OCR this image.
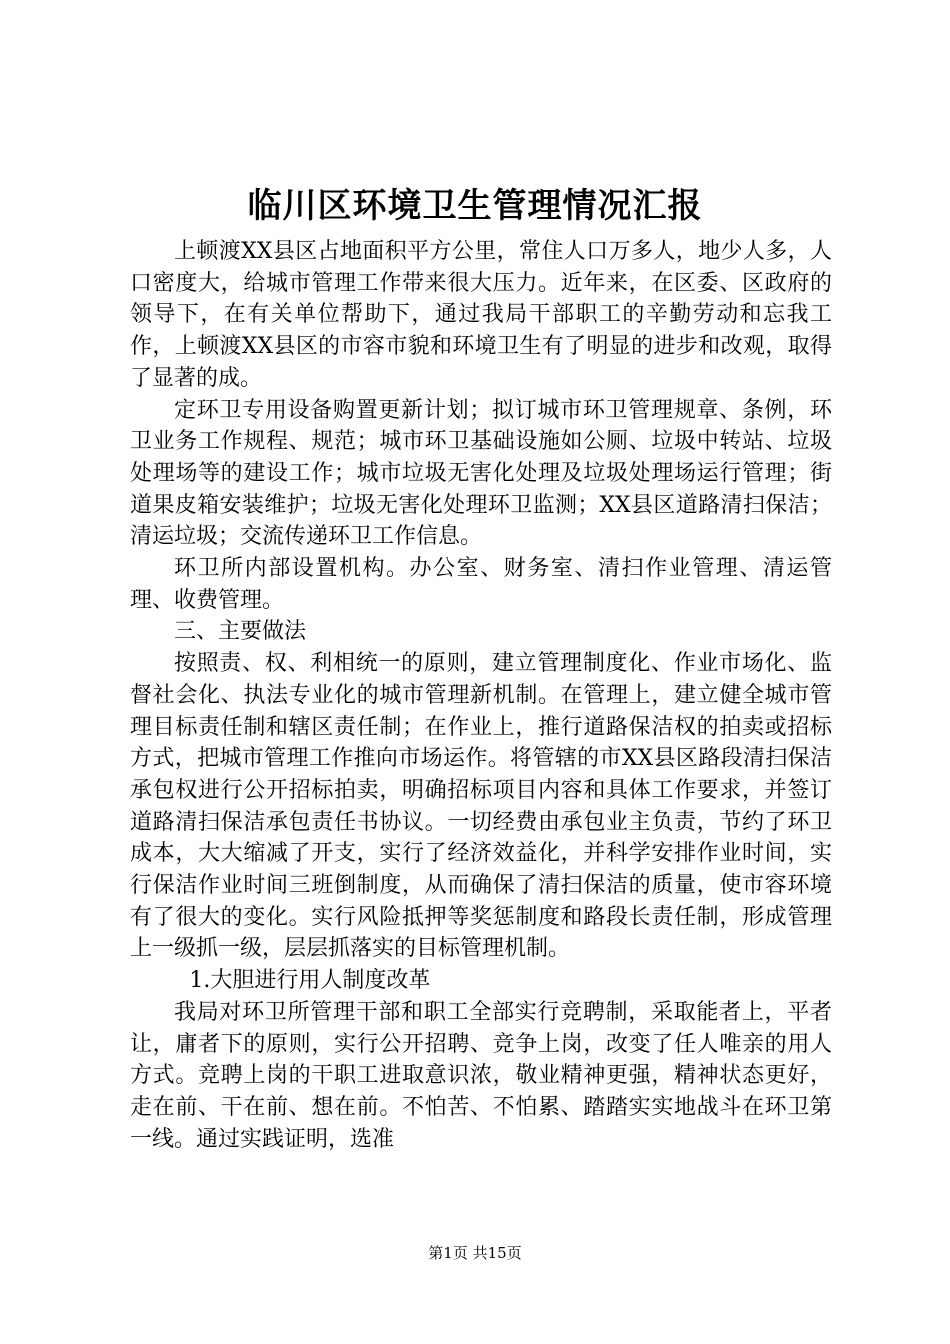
临川区环境卫生管理情况汇报

上顿渡XX县区占地面积平方公里，常住人口万多人，地少人多，人口密度大，给城市管理工作带来很大压力。近年来，在区委、区政府的领导下，在有关单位帮助下，通过我局干部职工的辛勤劳动和忘我工作，上顿渡XX县区的市容市貌和环境卫生有了明显的进步和改观，取得了显著的成。

定环卫专用设备购置更新计划；拟订城市环卫管理规章、条例，环卫业务工作规程、规范；城市环卫基础设施如公厕、垃圾中转站、垃圾处理场等的建设工作；城市垃圾无害化处理及垃圾处理场运行管理；街道果皮箱安装维护；垃圾无害化处理环卫监测；XX县区道路清扫保洁；清运垃圾；交流传递环卫工作信息。

环卫所内部设置机构。办公室、财务室、清扫作业管理、清运管理、收费管理。

三、主要做法

按照责、权、利相统一的原则，建立管理制度化、作业市场化、监督社会化、执法专业化的城市管理新机制。在管理上，建立健全城市管理目标责任制和辖区责任制；在作业上，推行道路保洁权的拍卖或招标方式，把城市管理工作推向市场运作。将管辖的市XX县区路段清扫保洁承包权进行公开招标拍卖，明确招标项目内容和具体工作要求，并签订道路清扫保洁承包责任书协议。一切经费由承包业主负责，节约了环卫成本，大大缩减了开支，实行了经济效益化，并科学安排作业时间，实行保洁作业时间三班倒制度，从而确保了清扫保洁的质量，使市容环境有了很大的变化。实行风险抵押等奖惩制度和路段长责任制，形成管理上一级抓一级，层层抓落实的目标管理机制。

1.大胆进行用人制度改革

我局对环卫所管理干部和职工全部实行竞聘制，采取能者上，平者让，庸者下的原则，实行公开招聘、竞争上岗，改变了任人唯亲的用人方式。竞聘上岗的干职工进取意识浓，敬业精神更强，精神状态更好，走在前、干在前、想在前。不怕苦、不怕累、踏踏实实地战斗在环卫第一线。通过实践证明，选准

第1页 共15页
